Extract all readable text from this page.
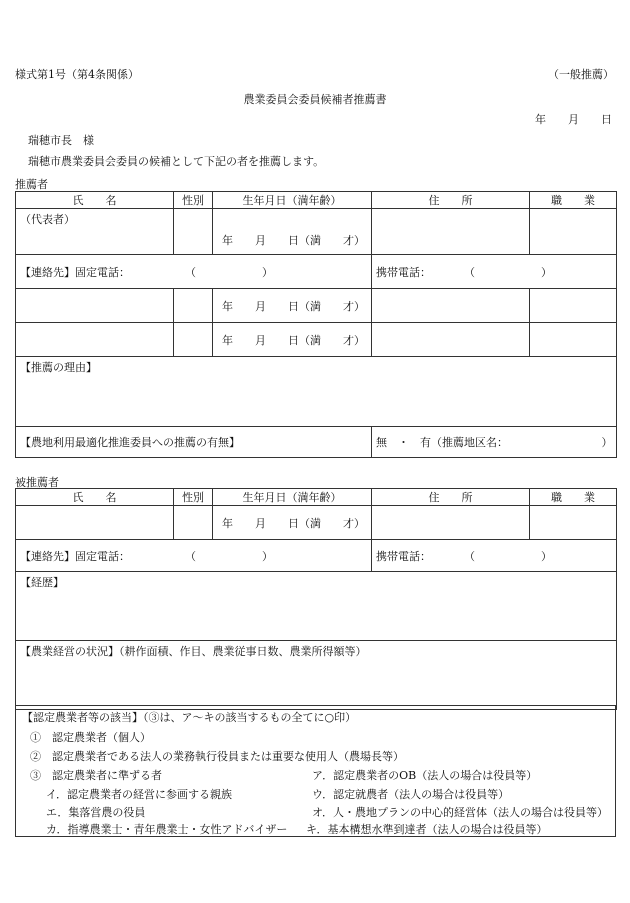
様式第1号（第4条関係）	（一般推薦）
農業委員会委員候補者推薦書
年　　月　　日
瑞穂市長　様
瑞穂市農業委員会委員の候補として下記の者を推薦します。
推薦者
氏　　名	性別	生年月日（満年齢）	住　　所	職　　業
（代表者）		年　　月　　日（満　　才）		
【連絡先】固定電話：　　　　　　（　　　　　　）			携帯電話：　　　　（　　　　　　）	
		年　　月　　日（満　　才）		
		年　　月　　日（満　　才）		
【推薦の理由】				
【農地利用最適化推進委員への推薦の有無】			無　・　有（推薦地区名：　　　　　　　　　）	
被推薦者
氏　　名	性別	生年月日（満年齢）	住　　所	職　　業
		年　　月　　日（満　　才）		
【連絡先】固定電話：　　　　　　（　　　　　　）			携帯電話：　　　　（　　　　　　）	
【経歴】				
【農業経営の状況】（耕作面積、作目、農業従事日数、農業所得額等）				
【認定農業者等の該当】（③は、ア～キの該当するもの全てに○印）
①　認定農業者（個人）
②　認定農業者である法人の業務執行役員または重要な使用人（農場長等）
③　認定農業者に準ずる者	ア．認定農業者のOB（法人の場合は役員等）
イ．認定農業者の経営に参画する親族	ウ．認定就農者（法人の場合は役員等）
エ．集落営農の役員	オ．人・農地プランの中心的経営体（法人の場合は役員等）
カ．指導農業士・青年農業士・女性アドバイザー キ．基本構想水準到達者（法人の場合は役員等）
